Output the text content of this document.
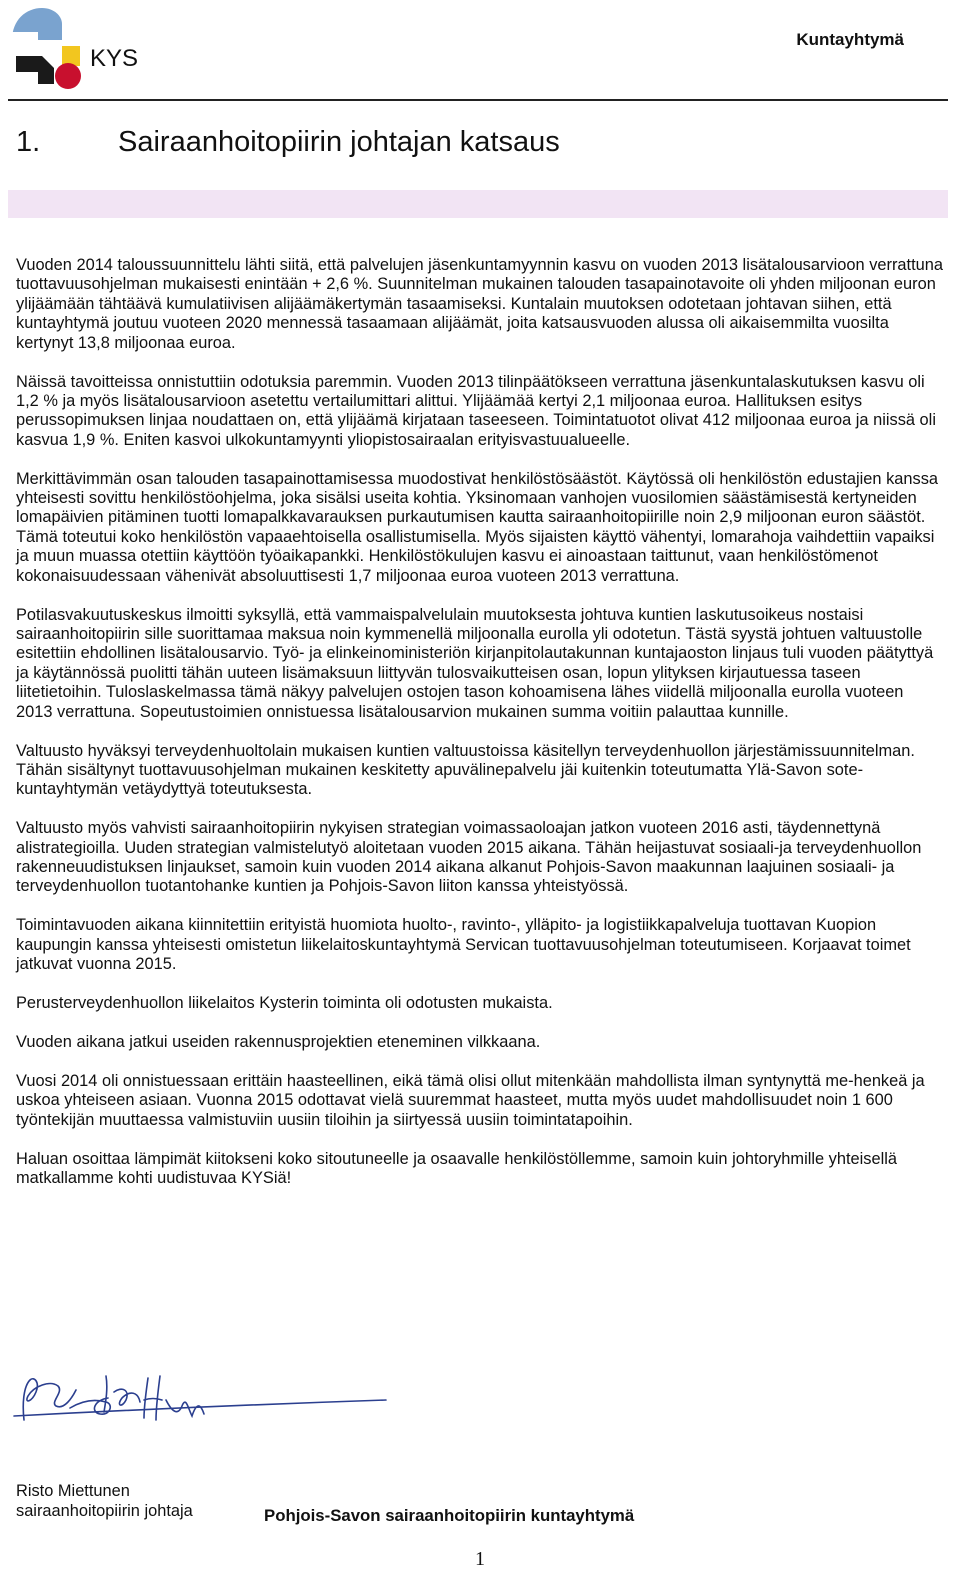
KYS
Kuntayhtymä
1.	Sairaanhoitopiirin johtajan katsaus

Vuoden 2014 taloussuunnittelu lähti siitä, että palvelujen jäsenkuntamyynnin kasvu on vuoden 2013 lisätalousarvioon verrattuna tuottavuusohjelman mukaisesti enintään + 2,6 %. Suunnitelman mukainen talouden tasapainotavoite oli yhden miljoonan euron ylijäämään tähtäävä kumulatiivisen alijäämäkertymän tasaamiseksi. Kuntalain muutoksen odotetaan johtavan siihen, että kuntayhtymä joutuu vuoteen 2020 mennessä tasaamaan alijäämät, joita katsausvuoden alussa oli aikaisemmilta vuosilta kertynyt 13,8 miljoonaa euroa.

Näissä tavoitteissa onnistuttiin odotuksia paremmin. Vuoden 2013 tilinpäätökseen verrattuna jäsenkuntalaskutuksen kasvu oli 1,2 % ja myös lisätalousarvioon asetettu vertailumittari alittui. Ylijäämää kertyi 2,1 miljoonaa euroa. Hallituksen esitys perussopimuksen linjaa noudattaen on, että ylijäämä kirjataan taseeseen. Toimintatuotot olivat 412 miljoonaa euroa ja niissä oli kasvua 1,9 %. Eniten kasvoi ulkokuntamyynti yliopistosairaalan erityisvastuualueelle.

Merkittävimmän osan talouden tasapainottamisessa muodostivat henkilöstösäästöt. Käytössä oli henkilöstön edustajien kanssa yhteisesti sovittu henkilöstöohjelma, joka sisälsi useita kohtia. Yksinomaan vanhojen vuosilomien säästämisestä kertyneiden lomapäivien pitäminen tuotti lomapalkkavarauksen purkautumisen kautta sairaanhoitopiirille noin 2,9 miljoonan euron säästöt. Tämä toteutui koko henkilöstön vapaaehtoisella osallistumisella. Myös sijaisten käyttö vähentyi, lomarahoja vaihdettiin vapaiksi ja muun muassa otettiin käyttöön työaikapankki. Henkilöstökulujen kasvu ei ainoastaan taittunut, vaan henkilöstömenot kokonaisuudessaan vähenivät absoluuttisesti 1,7 miljoonaa euroa vuoteen 2013 verrattuna.

Potilasvakuutuskeskus ilmoitti syksyllä, että vammaispalvelulain muutoksesta johtuva kuntien laskutusoikeus nostaisi sairaanhoitopiirin sille suorittamaa maksua noin kymmenellä miljoonalla eurolla yli odotetun. Tästä syystä johtuen valtuustolle esitettiin ehdollinen lisätalousarvio. Työ- ja elinkeinoministeriön kirjanpitolautakunnan kuntajaoston linjaus tuli vuoden päätyttyä ja käytännössä puolitti tähän uuteen lisämaksuun liittyvän tulosvaikutteisen osan, lopun ylityksen kirjautuessa taseen liitetietoihin. Tuloslaskelmassa tämä näkyy palvelujen ostojen tason kohoamisena lähes viidellä miljoonalla eurolla vuoteen 2013 verrattuna. Sopeutustoimien onnistuessa lisätalousarvion mukainen summa voitiin palauttaa kunnille.

Valtuusto hyväksyi terveydenhuoltolain mukaisen kuntien valtuustoissa käsitellyn terveydenhuollon järjestämissuunnitelman. Tähän sisältynyt tuottavuusohjelman mukainen keskitetty apuvälinepalvelu jäi kuitenkin toteutumatta Ylä-Savon sote-kuntayhtymän vetäydyttyä toteutuksesta.

Valtuusto myös vahvisti sairaanhoitopiirin nykyisen strategian voimassaoloajan jatkon vuoteen 2016 asti, täydennettynä alistrategioilla. Uuden strategian valmistelutyö aloitetaan vuoden 2015 aikana. Tähän heijastuvat sosiaali-ja terveydenhuollon rakenneuudistuksen linjaukset, samoin kuin vuoden 2014 aikana alkanut Pohjois-Savon maakunnan laajuinen sosiaali- ja terveydenhuollon tuotantohanke kuntien ja Pohjois-Savon liiton kanssa yhteistyössä.

Toimintavuoden aikana kiinnitettiin erityistä huomiota huolto-, ravinto-, ylläpito- ja logistiikkapalveluja tuottavan Kuopion kaupungin kanssa yhteisesti omistetun liikelaitoskuntayhtymä Servican tuottavuusohjelman toteutumiseen. Korjaavat toimet jatkuvat vuonna 2015.

Perusterveydenhuollon liikelaitos Kysterin toiminta oli odotusten mukaista.

Vuoden aikana jatkui useiden rakennusprojektien eteneminen vilkkaana.

Vuosi 2014 oli onnistuessaan erittäin haasteellinen, eikä tämä olisi ollut mitenkään mahdollista ilman syntynyttä me-henkeä ja uskoa yhteiseen asiaan. Vuonna 2015 odottavat vielä suuremmat haasteet, mutta myös uudet mahdollisuudet noin 1 600 työntekijän muuttaessa valmistuviin uusiin tiloihin ja siirtyessä uusiin toimintatapoihin.

Haluan osoittaa lämpimät kiitokseni koko sitoutuneelle ja osaavalle henkilöstöllemme, samoin kuin johtoryhmille yhteisellä matkallamme kohti uudistuvaa KYSiä!

Risto Miettunen
sairaanhoitopiirin johtaja	Pohjois-Savon sairaanhoitopiirin kuntayhtymä
1
